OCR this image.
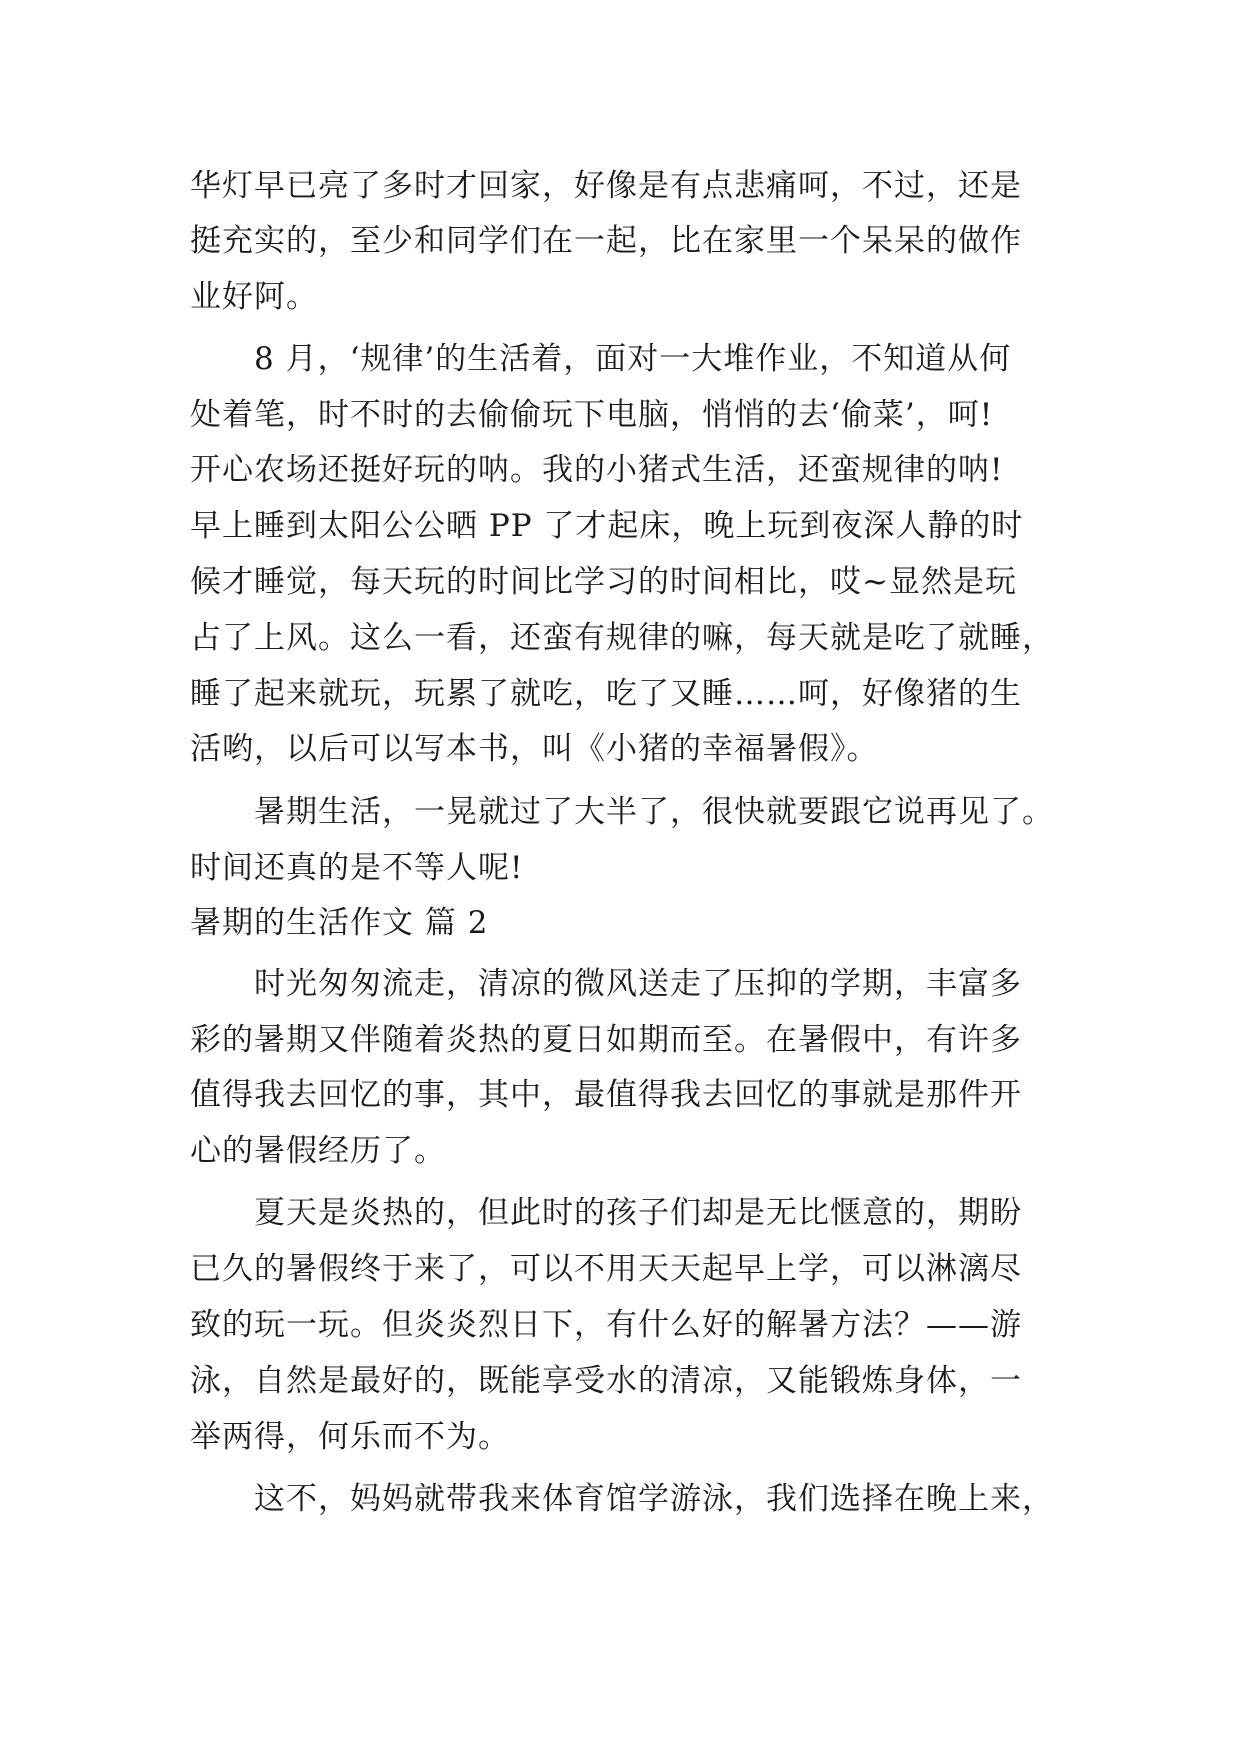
华灯早已亮了多时才回家，好像是有点悲痛呵，不过，还是
挺充实的，至少和同学们在一起，比在家里一个呆呆的做作
业好阿。
8 月，‘规律’的生活着，面对一大堆作业，不知道从何
处着笔，时不时的去偷偷玩下电脑，悄悄的去‘偷菜’，呵!
开心农场还挺好玩的呐。我的小猪式生活，还蛮规律的呐!
早上睡到太阳公公晒 PP 了才起床，晚上玩到夜深人静的时
候才睡觉，每天玩的时间比学习的时间相比，哎~显然是玩
占了上风。这么一看，还蛮有规律的嘛，每天就是吃了就睡，
睡了起来就玩，玩累了就吃，吃了又睡……呵，好像猪的生
活哟，以后可以写本书，叫《小猪的幸福暑假》。
暑期生活，一晃就过了大半了，很快就要跟它说再见了。
时间还真的是不等人呢!
暑期的生活作文 篇 2
时光匆匆流走，清凉的微风送走了压抑的学期，丰富多
彩的暑期又伴随着炎热的夏日如期而至。在暑假中，有许多
值得我去回忆的事，其中，最值得我去回忆的事就是那件开
心的暑假经历了。
夏天是炎热的，但此时的孩子们却是无比惬意的，期盼
已久的暑假终于来了，可以不用天天起早上学，可以淋漓尽
致的玩一玩。但炎炎烈日下，有什么好的解暑方法？——游
泳，自然是最好的，既能享受水的清凉，又能锻炼身体，一
举两得，何乐而不为。
这不，妈妈就带我来体育馆学游泳，我们选择在晚上来，
